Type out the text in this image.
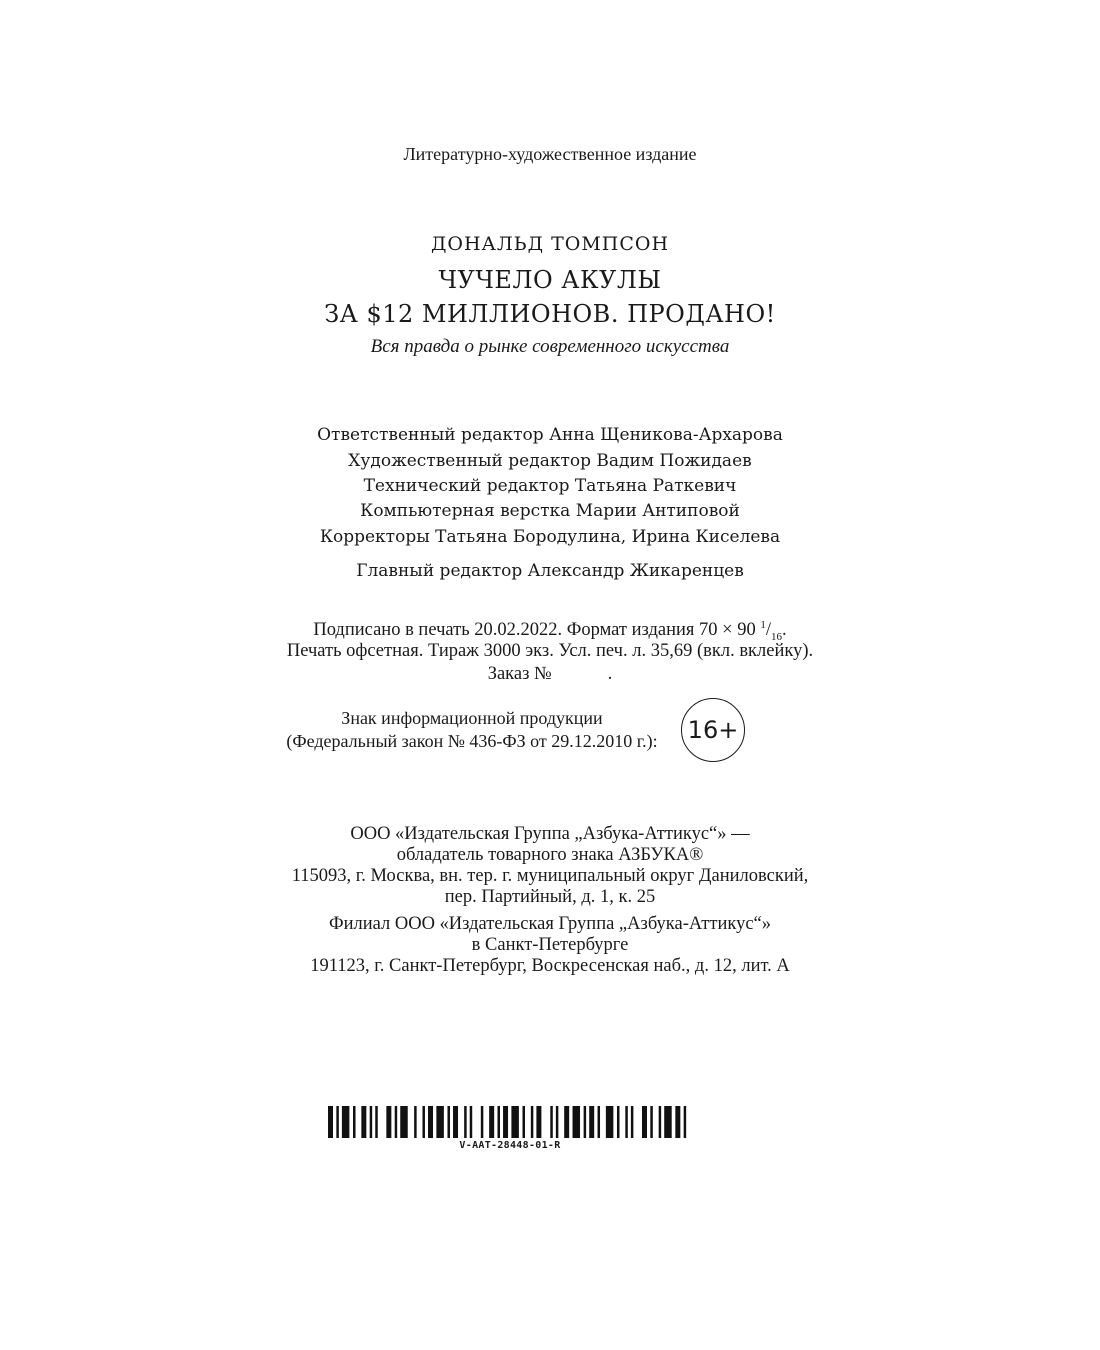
Литературно-художественное издание
ДОНАЛЬД ТОМПСОН
ЧУЧЕЛО АКУЛЫ
ЗА $12 МИЛЛИОНОВ. ПРОДАНО!
Вся правда о рынке современного искусства
Ответственный редактор Анна Щеникова-Архарова
Художественный редактор Вадим Пожидаев
Технический редактор Татьяна Раткевич
Компьютерная верстка Марии Антиповой
Корректоры Татьяна Бородулина, Ирина Киселева
Главный редактор Александр Жикаренцев
Подписано в печать 20.02.2022. Формат издания 70 × 90 $^1/_{16}$.
Печать офсетная. Тираж 3000 экз. Усл. печ. л. 35,69 (вкл. вклейку).
Заказ №	.
Знак информационной продукции
(Федеральный закон № 436-ФЗ от 29.12.2010 г.):	16+
ООО «Издательская Группа „Азбука-Аттикус“» —
обладатель товарного знака АЗБУКА®
115093, г. Москва, вн. тер. г. муниципальный округ Даниловский,
пер. Партийный, д. 1, к. 25
Филиал ООО «Издательская Группа „Азбука-Аттикус“»
в Санкт-Петербурге
191123, г. Санкт-Петербург, Воскресенская наб., д. 12, лит. А
V-AAT-28448-01-R
